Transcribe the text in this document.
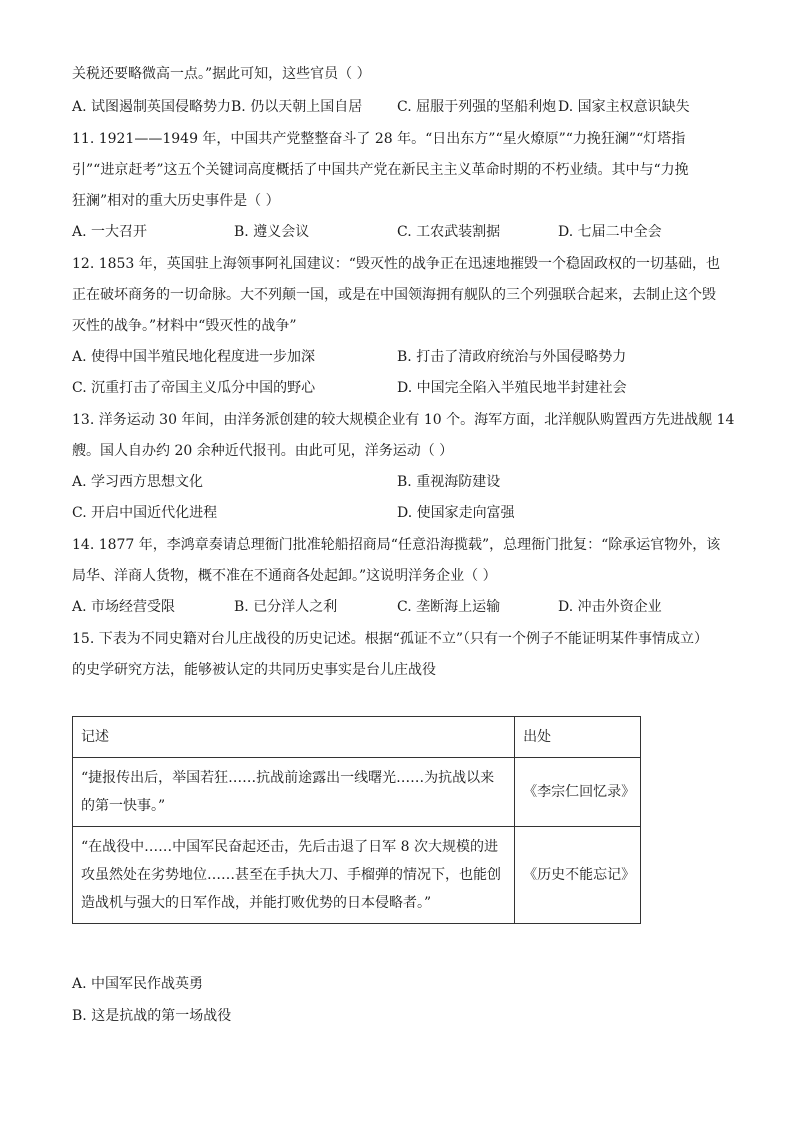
关税还要略微高一点。”据此可知，这些官员（ ）
A. 试图遏制英国侵略势力B. 仍以天朝上国自居 C. 屈服于列强的坚船利炮 D. 国家主权意识缺失
11. 1921——1949 年，中国共产党整整奋斗了 28 年。“日出东方”“星火燎原”“力挽狂澜”“灯塔指
引”“进京赶考”这五个关键词高度概括了中国共产党在新民主主义革命时期的不朽业绩。其中与“力挽
狂澜”相对的重大历史事件是（ ）
A. 一大召开	B. 遵义会议	C. 工农武装割据	D. 七届二中全会
12. 1853 年，英国驻上海领事阿礼国建议：“毁灭性的战争正在迅速地摧毁一个稳固政权的一切基础，也
正在破坏商务的一切命脉。大不列颠一国，或是在中国领海拥有舰队的三个列强联合起来，去制止这个毁
灭性的战争。”材料中“毁灭性的战争”
A. 使得中国半殖民地化程度进一步加深	B. 打击了清政府统治与外国侵略势力
C. 沉重打击了帝国主义瓜分中国的野心	D. 中国完全陷入半殖民地半封建社会
13. 洋务运动 30 年间，由洋务派创建的较大规模企业有 10 个。海军方面，北洋舰队购置西方先进战舰 14
艘。国人自办约 20 余种近代报刊。由此可见，洋务运动（ ）
A. 学习西方思想文化	B. 重视海防建设
C. 开启中国近代化进程	D. 使国家走向富强
14. 1877 年，李鸿章奏请总理衙门批准轮船招商局“任意沿海揽载”，总理衙门批复：“除承运官物外，该
局华、洋商人货物，概不准在不通商各处起卸。”这说明洋务企业（ ）
A. 市场经营受限	B. 已分洋人之利	C. 垄断海上运输	D. 冲击外资企业
15. 下表为不同史籍对台儿庄战役的历史记述。根据“孤证不立”（只有一个例子不能证明某件事情成立）
的史学研究方法，能够被认定的共同历史事实是台儿庄战役
记述	出处
“捷报传出后，举国若狂……抗战前途露出一线曙光……为抗战以来的第一快事。”	《李宗仁回忆录》
“在战役中……中国军民奋起还击，先后击退了日军 8 次大规模的进攻虽然处在劣势地位……甚至在手执大刀、手榴弹的情况下，也能创造战机与强大的日军作战，并能打败优势的日本侵略者。”	《历史不能忘记》
A. 中国军民作战英勇
B. 这是抗战的第一场战役
